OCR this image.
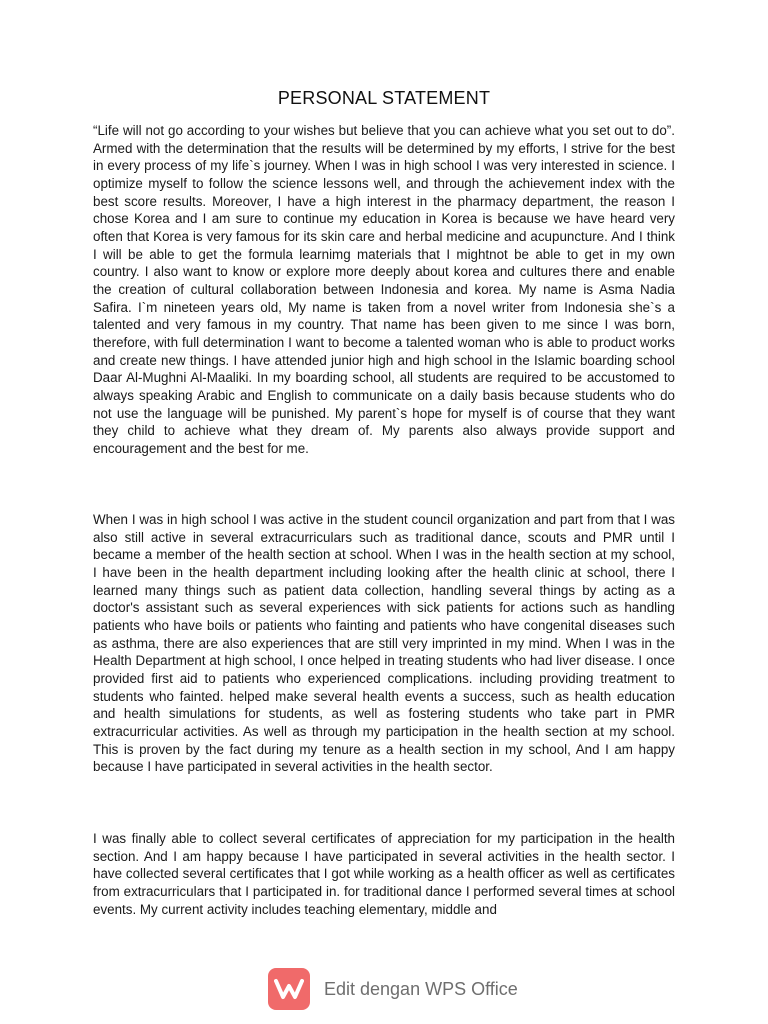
PERSONAL STATEMENT

“Life will not go according to your wishes but believe that you can achieve what you set out to do”. Armed with the determination that the results will be determined by my efforts, I strive for the best in every process of my life`s journey. When I was in high school I was very interested in science. I optimize myself to follow the science lessons well, and through the achievement index with the best score results. Moreover, I have a high interest in the pharmacy department, the reason I chose Korea and I am sure to continue my education in Korea is because we have heard very often that Korea is very famous for its skin care and herbal medicine and acupuncture. And I think I will be able to get the formula learnimg materials that I mightnot be able to get in my own country. I also want to know or explore more deeply about korea and cultures there and enable the creation of cultural collaboration between Indonesia and korea. My name is Asma Nadia Safira. I`m nineteen years old, My name is taken from a novel writer from Indonesia she`s a talented and very famous in my country. That name has been given to me since I was born, therefore, with full determination I want to become a talented woman who is able to product works and create new things. I have attended junior high and high school in the Islamic boarding school Daar Al-Mughni Al-Maaliki. In my boarding school, all students are required to be accustomed to always speaking Arabic and English to communicate on a daily basis because students who do not use the language will be punished. My parent`s hope for myself is of course that they want they child to achieve what they dream of. My parents also always provide support and encouragement and the best for me.

When I was in high school I was active in the student council organization and part from that I was also still active in several extracurriculars such as traditional dance, scouts and PMR until I became a member of the health section at school. When I was in the health section at my school, I have been in the health department including looking after the health clinic at school, there I learned many things such as patient data collection, handling several things by acting as a doctor's assistant such as several experiences with sick patients for actions such as handling patients who have boils or patients who fainting and patients who have congenital diseases such as asthma, there are also experiences that are still very imprinted in my mind. When I was in the Health Department at high school, I once helped in treating students who had liver disease. I once provided first aid to patients who experienced complications. including providing treatment to students who fainted. helped make several health events a success, such as health education and health simulations for students, as well as fostering students who take part in PMR extracurricular activities. As well as through my participation in the health section at my school. This is proven by the fact during my tenure as a health section in my school, And I am happy because I have participated in several activities in the health sector.

I was finally able to collect several certificates of appreciation for my participation in the health section. And I am happy because I have participated in several activities in the health sector. I have collected several certificates that I got while working as a health officer as well as certificates from extracurriculars that I participated in. for traditional dance I performed several times at school events. My current activity includes teaching elementary, middle and

Edit dengan WPS Office
